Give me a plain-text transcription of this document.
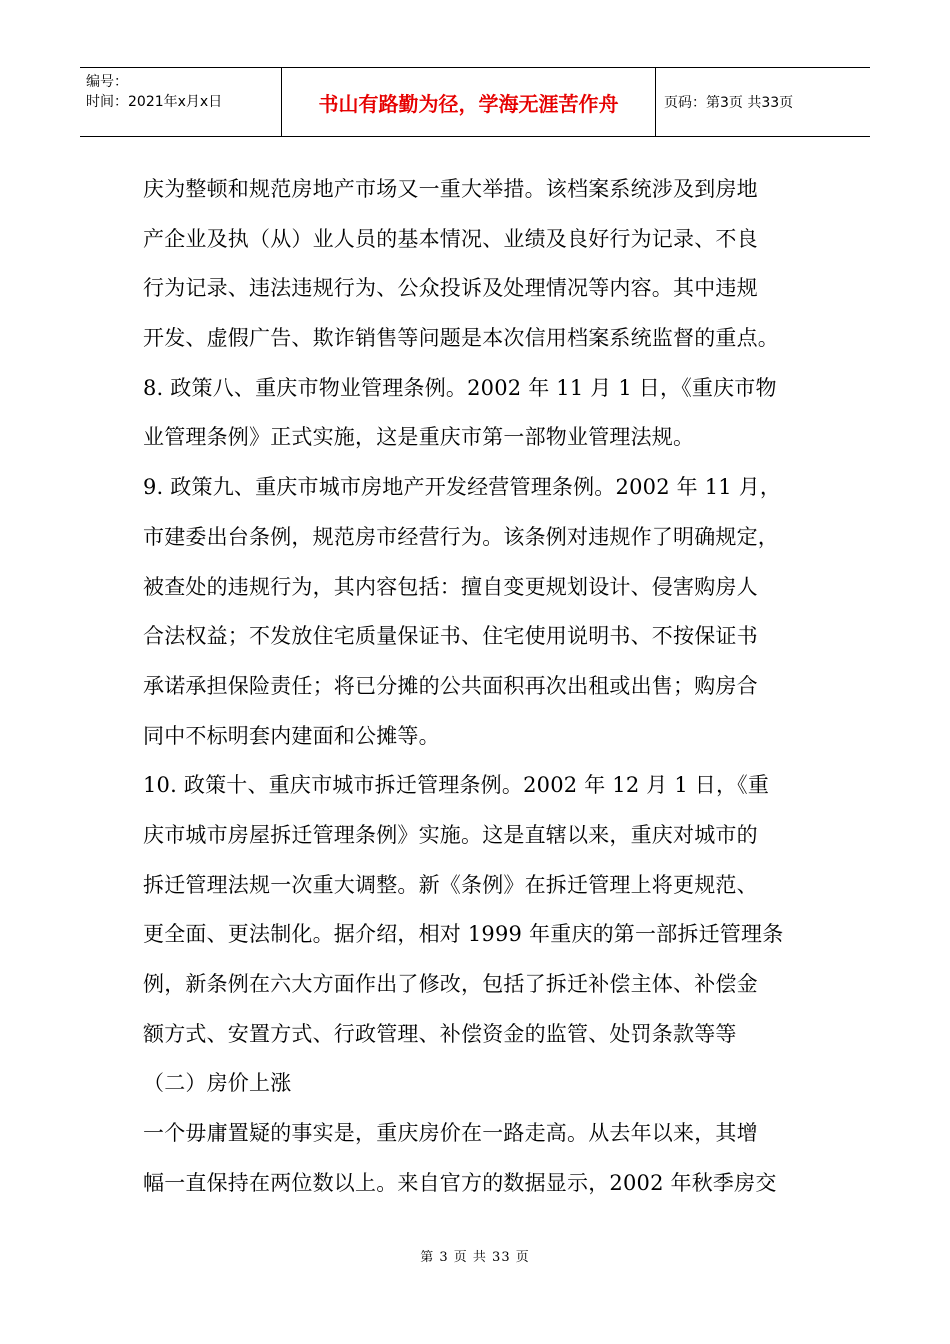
编号：
时间：2021年x月x日	书山有路勤为径，学海无涯苦作舟	页码：第3页 共33页
庆为整顿和规范房地产市场又一重大举措。该档案系统涉及到房地
产企业及执（从）业人员的基本情况、业绩及良好行为记录、不良
行为记录、违法违规行为、公众投诉及处理情况等内容。其中违规
开发、虚假广告、欺诈销售等问题是本次信用档案系统监督的重点。
8. 政策八、重庆市物业管理条例。2002 年 11 月 1 日，《重庆市物
业管理条例》正式实施，这是重庆市第一部物业管理法规。
9. 政策九、重庆市城市房地产开发经营管理条例。2002 年 11 月，
市建委出台条例，规范房市经营行为。该条例对违规作了明确规定，
被查处的违规行为，其内容包括：擅自变更规划设计、侵害购房人
合法权益；不发放住宅质量保证书、住宅使用说明书、不按保证书
承诺承担保险责任；将已分摊的公共面积再次出租或出售；购房合
同中不标明套内建面和公摊等。
10. 政策十、重庆市城市拆迁管理条例。2002 年 12 月 1 日，《重
庆市城市房屋拆迁管理条例》实施。这是直辖以来，重庆对城市的
拆迁管理法规一次重大调整。新《条例》在拆迁管理上将更规范、
更全面、更法制化。据介绍，相对 1999 年重庆的第一部拆迁管理条
例，新条例在六大方面作出了修改，包括了拆迁补偿主体、补偿金
额方式、安置方式、行政管理、补偿资金的监管、处罚条款等等
（二）房价上涨
一个毋庸置疑的事实是，重庆房价在一路走高。从去年以来，其增
幅一直保持在两位数以上。来自官方的数据显示，2002 年秋季房交
第 3 页 共 33 页
